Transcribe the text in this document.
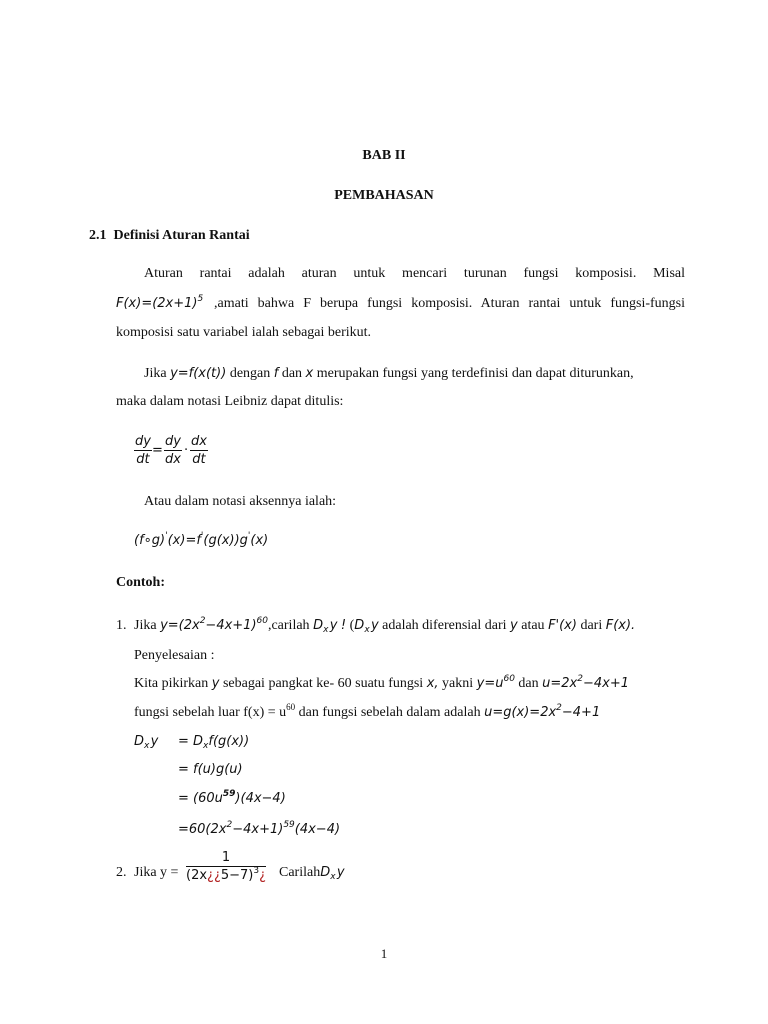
BAB II
PEMBAHASAN
2.1 Definisi Aturan Rantai
Aturan rantai adalah aturan untuk mencari turunan fungsi komposisi. Misal
$F(x)=(2x+1)^5$ ,amati bahwa F berupa fungsi komposisi. Aturan rantai untuk fungsi-fungsi
komposisi satu variabel ialah sebagai berikut.
Jika y=f(x(t)) dengan f dan x merupakan fungsi yang terdefinisi dan dapat diturunkan,
maka dalam notasi Leibniz dapat ditulis:
$\frac{dy}{dt} = \frac{dy}{dx} \cdot \frac{dx}{dt}$
Atau dalam notasi aksennya ialah:
(f∘g)'(x)=f'(g(x))g'(x)
Contoh:
1. Jika $y=(2x^2-4x+1)^{60},carilah$ $D_x$ y ! ($D_x$ y adalah diferensial dari y atau F'(x) dari F(x).
Penyelesaian :
Kita pikirkan y sebagai pangkat ke- 60 suatu fungsi x, yakni $y=u^{60}$ dan $u=2x^2-4x+1$
fungsi sebelah luar $f(x) = u^{60}$ dan fungsi sebelah dalam adalah $u=g(x)=2x^2-4+1$
$D_x$ $y = D_xf(g(x))$
= f(u)g(u)
= $(60u^{59})(4x-4)$
$=60(2x^2-4x+1)^{59}(4x-4)$
2. Jika $y = \frac{1}{(2x¿¿5-7)^3¿}$ CarilahD$_x$ y
1
